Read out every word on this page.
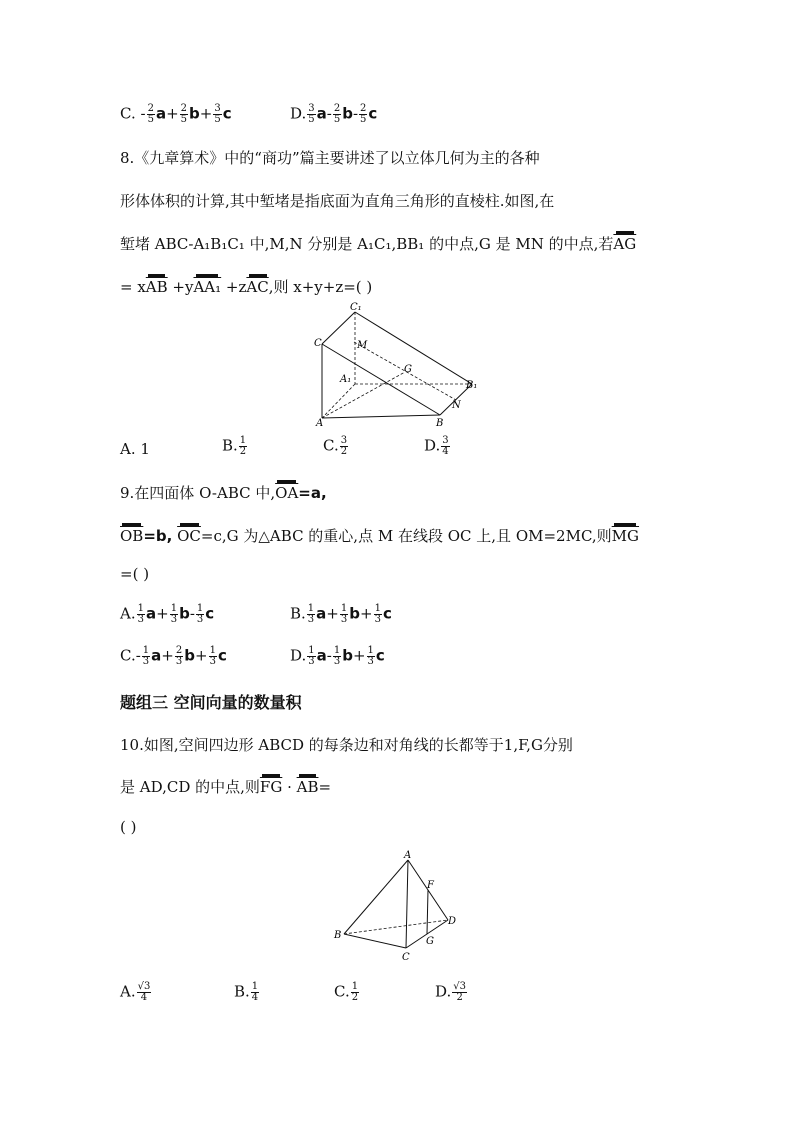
C. - $\frac{2}{5} a+ \frac{2}{5} b+ \frac{3}{5}$ c	D. $\frac{3}{5} a- \frac{2}{5} b- \frac{2}{5}$ c
8.《九章算术》中的“商功”篇主要讲述了以立体几何为主的各种
形体体积的计算,其中堑堵是指底面为直角三角形的直棱柱.如图,在
堑堵 ABC-A₁B₁C₁ 中,M,N 分别是 A₁C₁,BB₁ 的中点,G 是 MN 的中点,若$\overline{AG}$
= $x\overline{AB} +yAA_1 +z\overline{AC}$,则 x+y+z=( )
C₁
C	M
A₁
G
B₁
N
A	B
A. 1	B. $\frac{1}{2}$	C. $\frac{3}{2}$	D. $\frac{3}{4}$
9.在四面体 O-ABC 中$,\overline{OA}=a$,
$\overline{OB}=b$, $\overline{OC}=c,G$ 为△ABC 的重心,点 M 在线段 OC 上,且 OM=2MC,则$\overline{MG}$
=( )
A. $\frac{1}{3} a+ \frac{1}{3} b- \frac{1}{3}$ c	B. $\frac{1}{3} a+ \frac{1}{3} b+ \frac{1}{3}$ c
$C.- \frac{1}{3} a+ \frac{2}{3} b+ \frac{1}{3}$ c	D. $\frac{1}{3} a- \frac{1}{3} b+ \frac{1}{3}$ c
题组三 空间向量的数量积
10.如图,空间四边形 ABCD 的每条边和对角线的长都等于1,F,G分别
是 AD,CD 的中点,则$\overline{FG} \cdot \overline{AB}=$
( )
A
F
D
B
G
C
A. $\frac{√3}{4}$	B. $\frac{1}{4}$	C. $\frac{1}{2}$	D. $\frac{√3}{2}$
